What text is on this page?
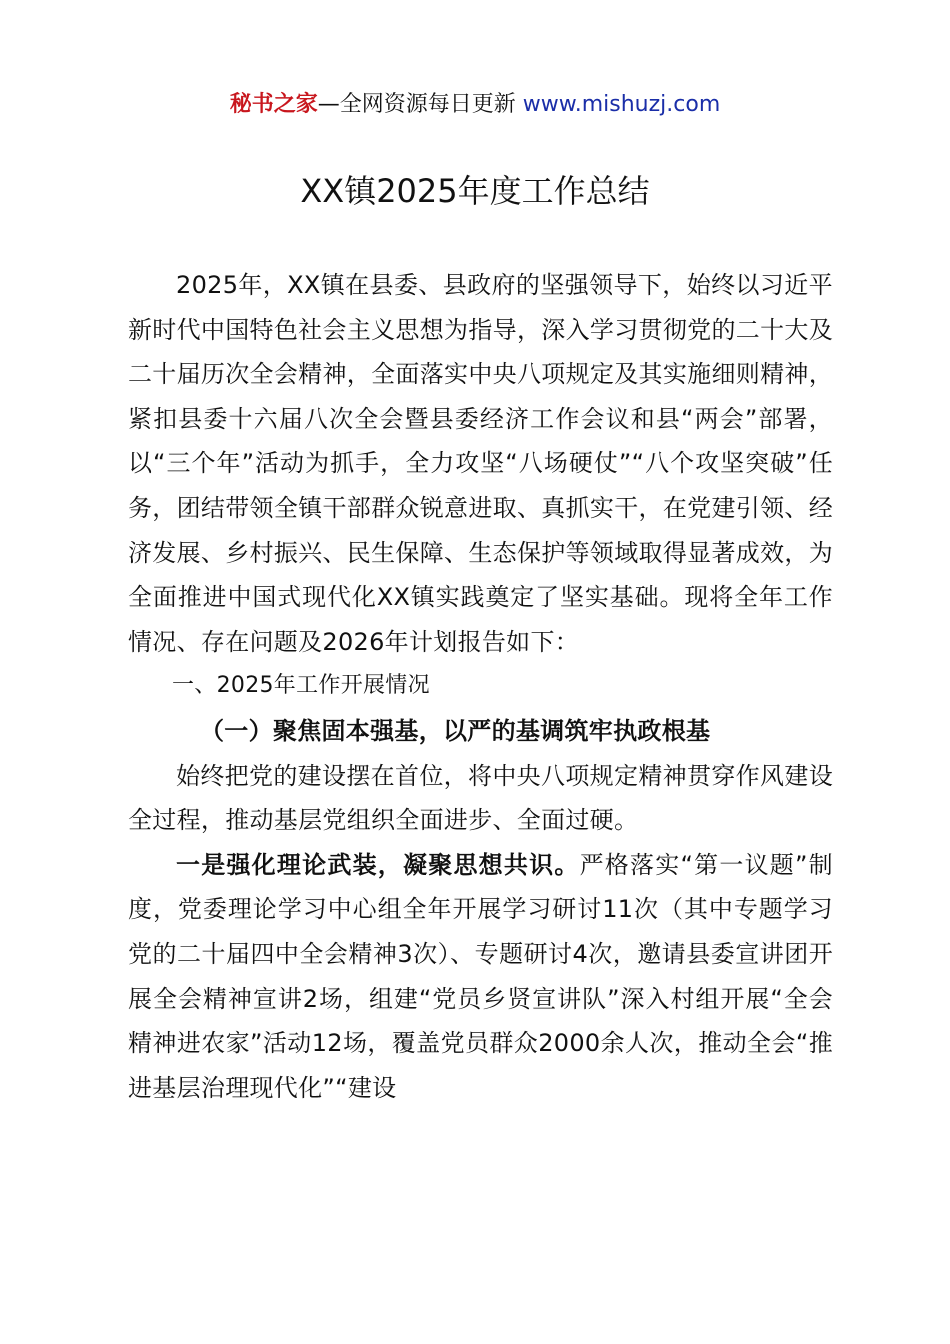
秘书之家—全网资源每日更新 www.mishuzj.com
XX镇2025年度工作总结

2025年，XX镇在县委、县政府的坚强领导下，始终以习近平新时代中国特色社会主义思想为指导，深入学习贯彻党的二十大及二十届历次全会精神，全面落实中央八项规定及其实施细则精神，紧扣县委十六届八次全会暨县委经济工作会议和县“两会”部署，以“三个年”活动为抓手，全力攻坚“八场硬仗”“八个攻坚突破”任务，团结带领全镇干部群众锐意进取、真抓实干，在党建引领、经济发展、乡村振兴、民生保障、生态保护等领域取得显著成效，为全面推进中国式现代化XX镇实践奠定了坚实基础。现将全年工作情况、存在问题及2026年计划报告如下：

一、2025年工作开展情况

（一）聚焦固本强基，以严的基调筑牢执政根基

始终把党的建设摆在首位，将中央八项规定精神贯穿作风建设全过程，推动基层党组织全面进步、全面过硬。

一是强化理论武装，凝聚思想共识。严格落实“第一议题”制度，党委理论学习中心组全年开展学习研讨11次（其中专题学习党的二十届四中全会精神3次）、专题研讨4次，邀请县委宣讲团开展全会精神宣讲2场，组建“党员乡贤宣讲队”深入村组开展“全会精神进农家”活动12场，覆盖党员群众2000余人次，推动全会“推进基层治理现代化”“建设
